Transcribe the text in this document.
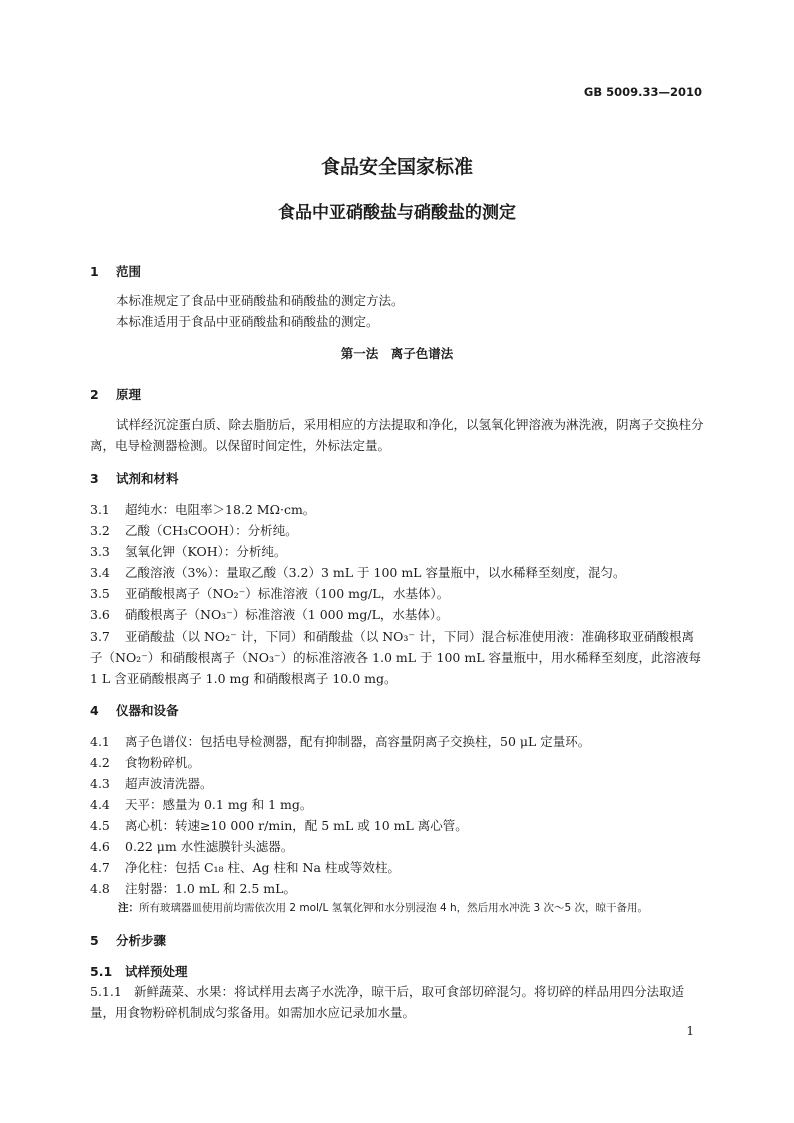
GB 5009.33—2010
食品安全国家标准
食品中亚硝酸盐与硝酸盐的测定
1 范围
本标准规定了食品中亚硝酸盐和硝酸盐的测定方法。
本标准适用于食品中亚硝酸盐和硝酸盐的测定。
第一法　离子色谱法
2 原理
试样经沉淀蛋白质、除去脂肪后，采用相应的方法提取和净化，以氢氧化钾溶液为淋洗液，阴离子交换柱分离，电导检测器检测。以保留时间定性，外标法定量。
3 试剂和材料
3.1 超纯水：电阻率＞18.2 MΩ·cm。
3.2 乙酸（CH₃COOH）：分析纯。
3.3 氢氧化钾（KOH）：分析纯。
3.4 乙酸溶液（3%）：量取乙酸（3.2）3 mL 于 100 mL 容量瓶中，以水稀释至刻度，混匀。
3.5 亚硝酸根离子（NO₂⁻）标准溶液（100 mg/L，水基体）。
3.6 硝酸根离子（NO₃⁻）标准溶液（1 000 mg/L，水基体）。
3.7 亚硝酸盐（以 NO₂⁻ 计，下同）和硝酸盐（以 NO₃⁻ 计，下同）混合标准使用液：准确移取亚硝酸根离子（NO₂⁻）和硝酸根离子（NO₃⁻）的标准溶液各 1.0 mL 于 100 mL 容量瓶中，用水稀释至刻度，此溶液每 1 L 含亚硝酸根离子 1.0 mg 和硝酸根离子 10.0 mg。
4 仪器和设备
4.1 离子色谱仪：包括电导检测器，配有抑制器，高容量阴离子交换柱，50 μL 定量环。
4.2 食物粉碎机。
4.3 超声波清洗器。
4.4 天平：感量为 0.1 mg 和 1 mg。
4.5 离心机：转速≥10 000 r/min，配 5 mL 或 10 mL 离心管。
4.6 0.22 μm 水性滤膜针头滤器。
4.7 净化柱：包括 C₁₈ 柱、Ag 柱和 Na 柱或等效柱。
4.8 注射器：1.0 mL 和 2.5 mL。
注：所有玻璃器皿使用前均需依次用 2 mol/L 氢氧化钾和水分别浸泡 4 h，然后用水冲洗 3 次～5 次，晾干备用。
5 分析步骤
5.1 试样预处理
5.1.1 新鲜蔬菜、水果：将试样用去离子水洗净，晾干后，取可食部切碎混匀。将切碎的样品用四分法取适量，用食物粉碎机制成匀浆备用。如需加水应记录加水量。
1
